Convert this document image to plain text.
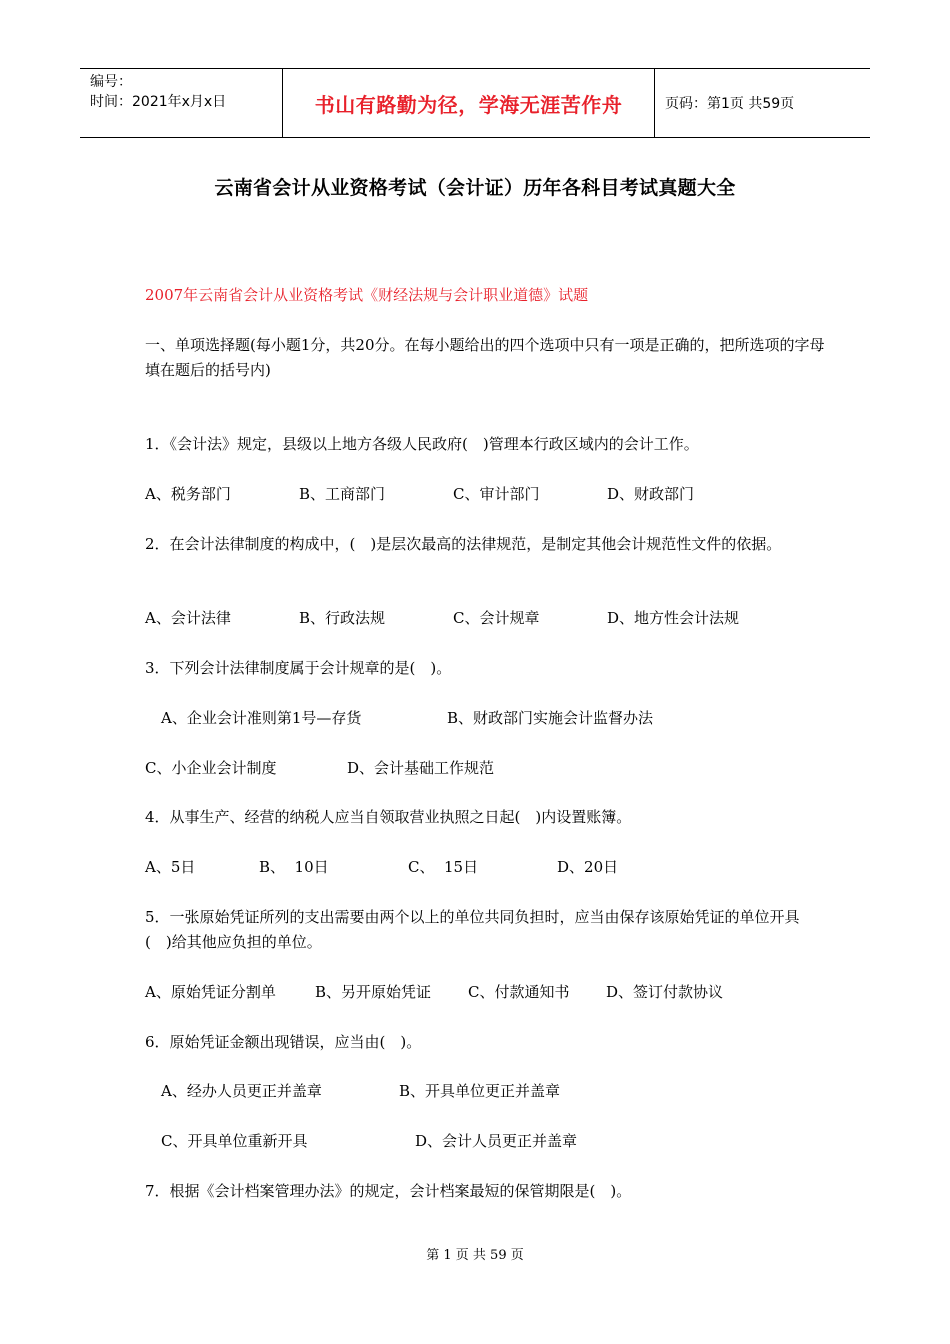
编号：
时间：2021年x月x日	书山有路勤为径，学海无涯苦作舟	页码：第1页 共59页
云南省会计从业资格考试（会计证）历年各科目考试真题大全
2007年云南省会计从业资格考试《财经法规与会计职业道德》试题
一、单项选择题(每小题1分，共20分。在每小题给出的四个选项中只有一项是正确的，把所选项的字母填在题后的括号内)
1．《会计法》规定，县级以上地方各级人民政府(　)管理本行政区域内的会计工作。
A、税务部门	B、工商部门	C、审计部门	D、财政部门
2．在会计法律制度的构成中，(　)是层次最高的法律规范，是制定其他会计规范性文件的依据。
A、会计法律	B、行政法规	C、会计规章	D、地方性会计法规
3．下列会计法律制度属于会计规章的是(　)。
A、企业会计准则第1号—存货	B、财政部门实施会计监督办法
C、小企业会计制度	D、会计基础工作规范
4．从事生产、经营的纳税人应当自领取营业执照之日起(　)内设置账簿。
A、5日	B、  10日	C、  15日	D、20日
5．一张原始凭证所列的支出需要由两个以上的单位共同负担时，应当由保存该原始凭证的单位开具(　)给其他应负担的单位。
A、原始凭证分割单	B、另开原始凭证	C、付款通知书	D、签订付款协议
6．原始凭证金额出现错误，应当由(　)。
A、经办人员更正并盖章	B、开具单位更正并盖章
C、开具单位重新开具	D、会计人员更正并盖章
7．根据《会计档案管理办法》的规定，会计档案最短的保管期限是(　)。
第 1 页 共 59 页
